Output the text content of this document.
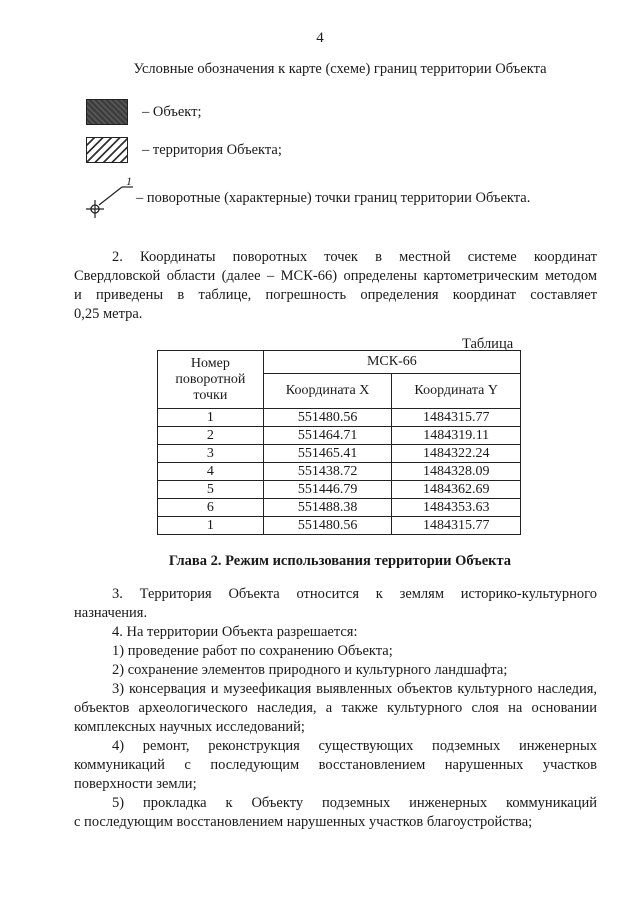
4
Условные обозначения к карте (схеме) границ территории Объекта
– Объект;
– территория Объекта;
1
– поворотные (характерные) точки границ территории Объекта.
2. Координаты поворотных точек в местной системе координат
Свердловской области (далее – МСК-66) определены картометрическим методом
и приведены в таблице, погрешность определения координат составляет
0,25 метра.
Таблица
Номер поворотной точки	МСК-66	
	Координата X	Координата Y
1	551480.56	1484315.77
2	551464.71	1484319.11
3	551465.41	1484322.24
4	551438.72	1484328.09
5	551446.79	1484362.69
6	551488.38	1484353.63
1	551480.56	1484315.77
Глава 2. Режим использования территории Объекта
3. Территория Объекта относится к землям историко-культурного
назначения.
4. На территории Объекта разрешается:
1) проведение работ по сохранению Объекта;
2) сохранение элементов природного и культурного ландшафта;
3) консервация и музеефикация выявленных объектов культурного наследия,
объектов археологического наследия, а также культурного слоя на основании
комплексных научных исследований;
4) ремонт, реконструкция существующих подземных инженерных
коммуникаций с последующим восстановлением нарушенных участков
поверхности земли;
5) прокладка к Объекту подземных инженерных коммуникаций
с последующим восстановлением нарушенных участков благоустройства;
